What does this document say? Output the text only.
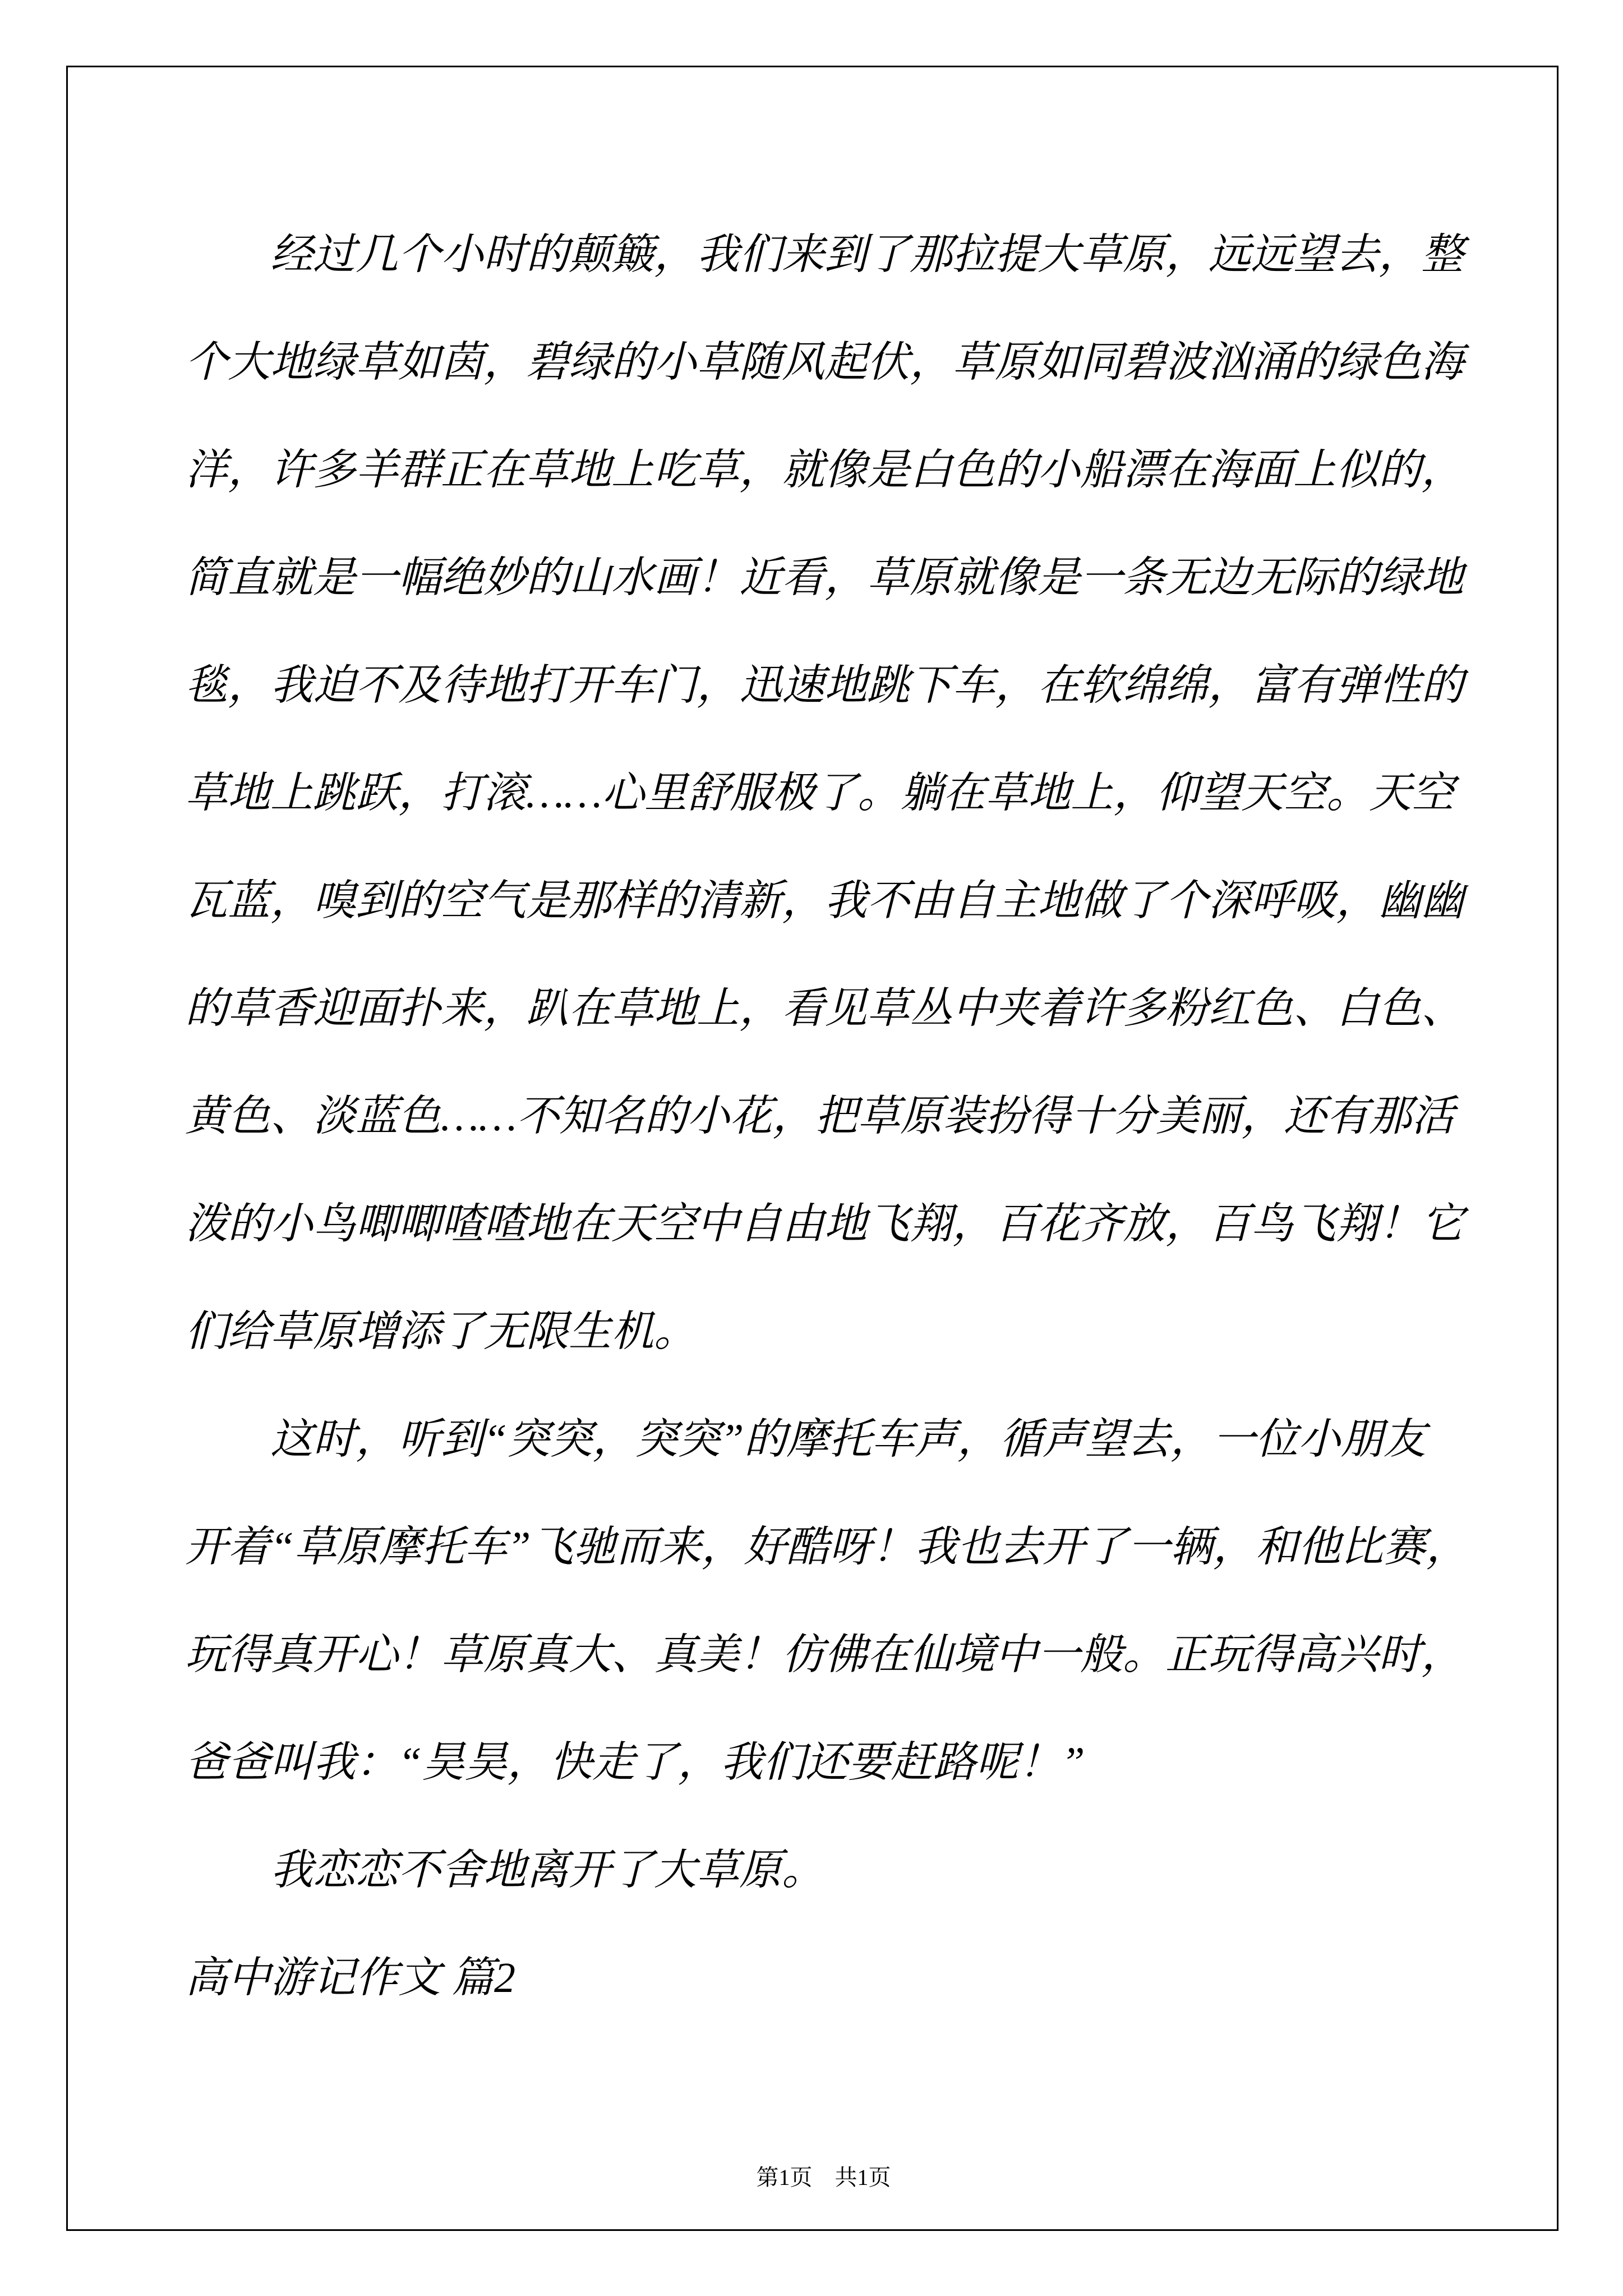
经过几个小时的颠簸，我们来到了那拉提大草原，远远望去，整
个大地绿草如茵，碧绿的小草随风起伏，草原如同碧波汹涌的绿色海
洋，许多羊群正在草地上吃草，就像是白色的小船漂在海面上似的，
简直就是一幅绝妙的山水画！近看，草原就像是一条无边无际的绿地
毯，我迫不及待地打开车门，迅速地跳下车，在软绵绵，富有弹性的
草地上跳跃，打滚……心里舒服极了。躺在草地上，仰望天空。天空
瓦蓝，嗅到的空气是那样的清新，我不由自主地做了个深呼吸，幽幽
的草香迎面扑来，趴在草地上，看见草丛中夹着许多粉红色、白色、
黄色、淡蓝色……不知名的小花，把草原装扮得十分美丽，还有那活
泼的小鸟唧唧喳喳地在天空中自由地飞翔，百花齐放，百鸟飞翔！它
们给草原增添了无限生机。
这时，听到“突突，突突”的摩托车声，循声望去，一位小朋友
开着“草原摩托车”飞驰而来，好酷呀！我也去开了一辆，和他比赛，
玩得真开心！草原真大、真美！仿佛在仙境中一般。正玩得高兴时，
爸爸叫我：“昊昊，快走了，我们还要赶路呢！”
我恋恋不舍地离开了大草原。
高中游记作文 篇2

第1页　共1页
